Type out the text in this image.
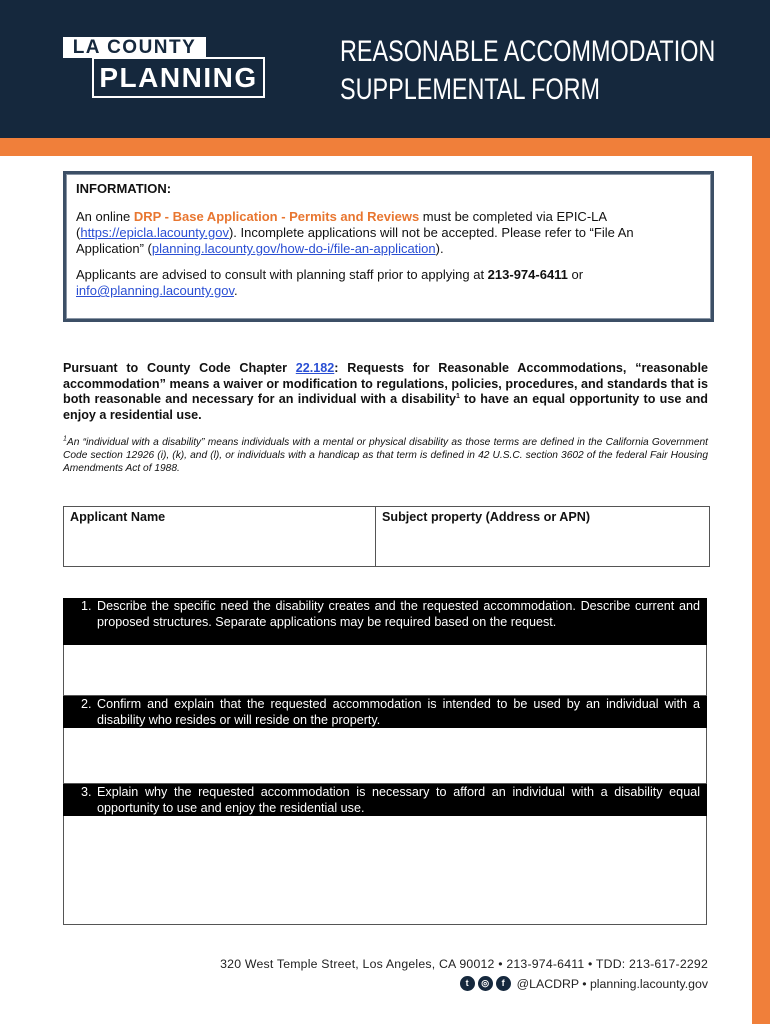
LA COUNTY
PLANNING
REASONABLE ACCOMMODATION
SUPPLEMENTAL FORM
INFORMATION:
An online DRP - Base Application - Permits and Reviews must be completed via EPIC-LA (https://epicla.lacounty.gov). Incomplete applications will not be accepted. Please refer to “File An Application” (planning.lacounty.gov/how-do-i/file-an-application).
Applicants are advised to consult with planning staff prior to applying at 213-974-6411 or info@planning.lacounty.gov.
Pursuant to County Code Chapter 22.182: Requests for Reasonable Accommodations, “reasonable accommodation” means a waiver or modification to regulations, policies, procedures, and standards that is both reasonable and necessary for an individual with a disability$^1$ to have an equal opportunity to use and enjoy a residential use.
$^1$An “individual with a disability” means individuals with a mental or physical disability as those terms are defined in the California Government Code section 12926 (i), (k), and (l), or individuals with a handicap as that term is defined in 42 U.S.C. section 3602 of the federal Fair Housing Amendments Act of 1988.
Applicant Name	Subject property (Address or APN)
1. Describe the specific need the disability creates and the requested accommodation. Describe current and proposed structures. Separate applications may be required based on the request.
2. Confirm and explain that the requested accommodation is intended to be used by an individual with a disability who resides or will reside on the property.
3. Explain why the requested accommodation is necessary to afford an individual with a disability equal opportunity to use and enjoy the residential use.
320 West Temple Street, Los Angeles, CA 90012 • 213-974-6411 • TDD: 213-617-2292
t ◎ f @LACDRP • planning.lacounty.gov
